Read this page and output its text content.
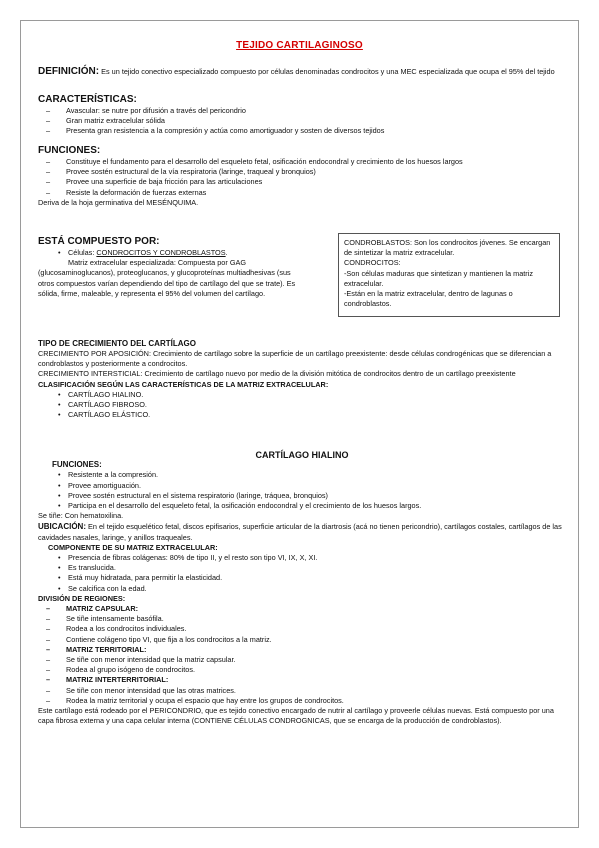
TEJIDO CARTILAGINOSO
DEFINICIÓN: Es un tejido conectivo especializado compuesto por células denominadas condrocitos y una MEC especializada que ocupa el 95% del tejido
CARACTERÍSTICAS:
– Avascular: se nutre por difusión a través del pericondrio
– Gran matriz extracelular sólida
– Presenta gran resistencia a la compresión y actúa como amortiguador y sosten de diversos tejidos
FUNCIONES:
– Constituye el fundamento para el desarrollo del esqueleto fetal, osificación endocondral y crecimiento de los huesos largos
– Provee sostén estructural de la vía respiratoria (laringe, traqueal y bronquios)
– Provee una superficie de baja fricción para las articulaciones
– Resiste la deformación de fuerzas externas
Deriva de la hoja germinativa del MESÉNQUIMA.
ESTÁ COMPUESTO POR:
• Células: CONDROCITOS Y CONDROBLASTOS.
Matriz extracelular especializada: Compuesta por GAG (glucosaminoglucanos), proteoglucanos, y glucoproteínas multiadhesivas (sus otros compuestos varían dependiendo del tipo de cartílago del que se trate). Es sólida, firme, maleable, y representa el 95% del volumen del cartílago.
CONDROBLASTOS: Son los condrocitos jóvenes. Se encargan de sintetizar la matriz extracelular.
CONDROCITOS:
-Son células maduras que sintetizan y mantienen la matriz extracelular.
-Están en la matriz extracelular, dentro de lagunas o condroblastos.
TIPO DE CRECIMIENTO DEL CARTÍLAGO
CRECIMIENTO POR APOSICIÓN: Crecimiento de cartílago sobre la superficie de un cartílago preexistente: desde células condrogénicas que se diferencian a condroblastos y posteriormente a condrocitos.
CRECIMIENTO INTERSTICIAL: Crecimiento de cartílago nuevo por medio de la división mitótica de condrocitos dentro de un cartílago preexistente
CLASIFICACIÓN SEGÚN LAS CARACTERÍSTICAS DE LA MATRIZ EXTRACELULAR:
• CARTÍLAGO HIALINO.
• CARTÍLAGO FIBROSO.
• CARTÍLAGO ELÁSTICO.
CARTÍLAGO HIALINO
FUNCIONES:
• Resistente a la compresión.
• Provee amortiguación.
• Provee sostén estructural en el sistema respiratorio (laringe, tráquea, bronquios)
• Participa en el desarrollo del esqueleto fetal, la osificación endocondral y el crecimiento de los huesos largos.
Se tiñe: Con hematoxilina.
UBICACIÓN: En el tejido esquelético fetal, discos epifisarios, superficie articular de la diartrosis (acá no tienen pericondrio), cartílagos costales, cartílagos de las cavidades nasales, laringe, y anillos traqueales.
COMPONENTE DE SU MATRIZ EXTRACELULAR:
• Presencia de fibras colágenas: 80% de tipo II, y el resto son tipo VI, IX, X, XI.
• Es translucida.
• Está muy hidratada, para permitir la elasticidad.
• Se calcifica con la edad.
DIVISIÓN DE REGIONES:
– MATRIZ CAPSULAR:
– Se tiñe intensamente basófila.
– Rodea a los condrocitos individuales.
– Contiene colágeno tipo VI, que fija a los condrocitos a la matriz.
– MATRIZ TERRITORIAL:
– Se tiñe con menor intensidad que la matriz capsular.
– Rodea al grupo isógeno de condrocitos.
– MATRIZ INTERTERRITORIAL:
– Se tiñe con menor intensidad que las otras matrices.
– Rodea la matriz territorial y ocupa el espacio que hay entre los grupos de condrocitos.
Este cartílago está rodeado por el PERICONDRIO, que es tejido conectivo encargado de nutrir al cartílago y proveerle células nuevas. Está compuesto por una capa fibrosa externa y una capa celular interna (CONTIENE CÉLULAS CONDROGNICAS, que se encarga de la producción de condroblastos).
